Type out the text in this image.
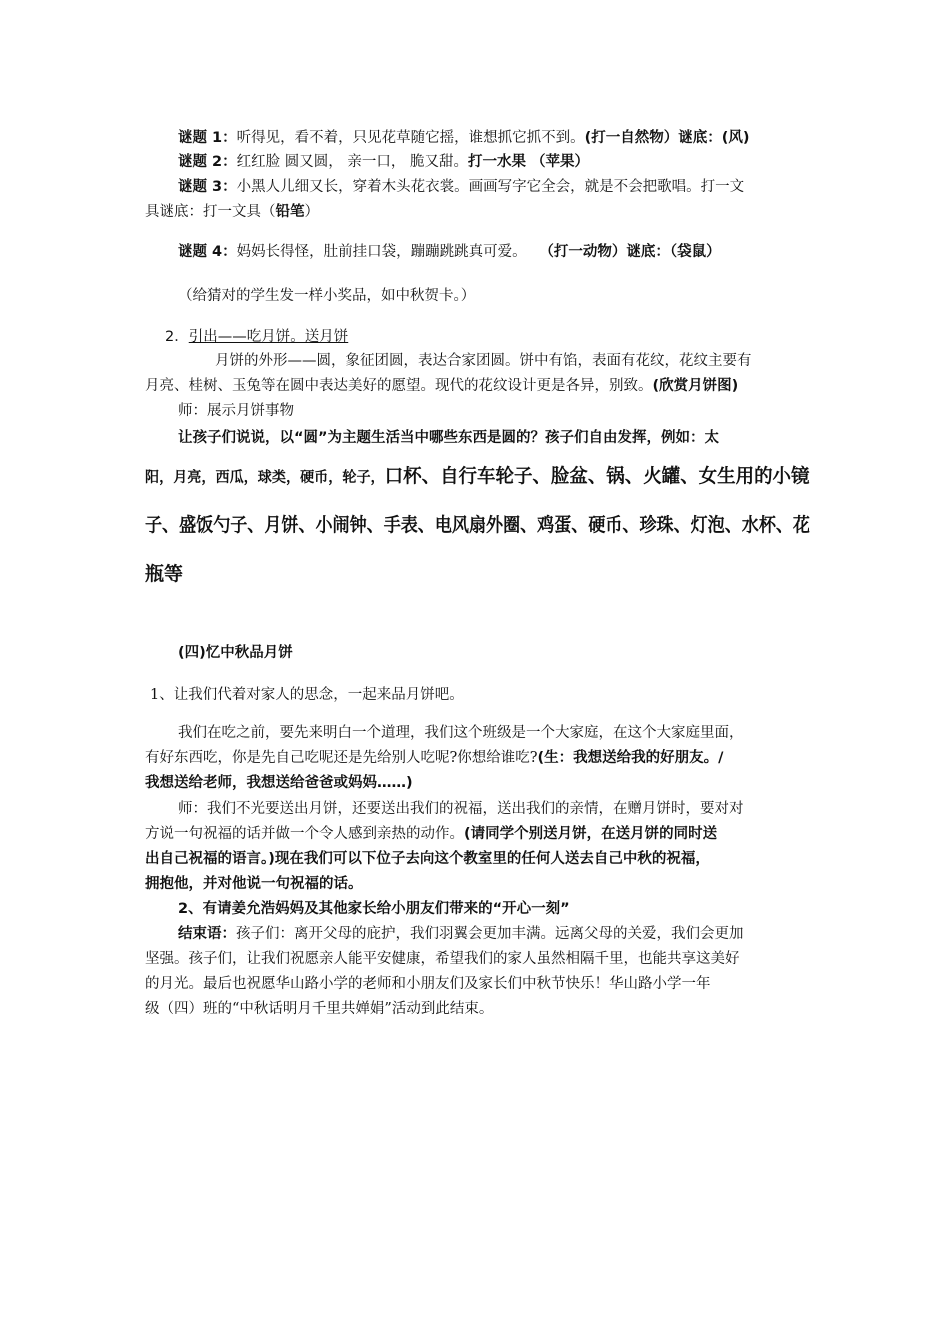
谜题 1：听得见，看不着，只见花草随它摇，谁想抓它抓不到。(打一自然物）谜底：(风)
谜题 2：红红脸 圆又圆， 亲一口， 脆又甜。打一水果 （苹果）
谜题 3：小黑人儿细又长，穿着木头花衣裳。画画写字它全会，就是不会把歌唱。打一文
具谜底：打一文具（铅笔）
谜题 4：妈妈长得怪，肚前挂口袋，蹦蹦跳跳真可爱。 （打一动物）谜底：（袋鼠）
（给猜对的学生发一样小奖品，如中秋贺卡。）
2．引出——吃月饼。送月饼
月饼的外形——圆，象征团圆，表达合家团圆。饼中有馅，表面有花纹，花纹主要有
月亮、桂树、玉兔等在圆中表达美好的愿望。现代的花纹设计更是各异，别致。(欣赏月饼图)
师：展示月饼事物
让孩子们说说，以“圆”为主题生活当中哪些东西是圆的？孩子们自由发挥，例如：太
阳，月亮，西瓜，球类，硬币，轮子，口杯、自行车轮子、脸盆、锅、火罐、女生用的小镜
子、盛饭勺子、月饼、小闹钟、手表、电风扇外圈、鸡蛋、硬币、珍珠、灯泡、水杯、花
瓶等
(四)忆中秋品月饼
1、让我们代着对家人的思念，一起来品月饼吧。
我们在吃之前，要先来明白一个道理，我们这个班级是一个大家庭，在这个大家庭里面，
有好东西吃，你是先自己吃呢还是先给别人吃呢?你想给谁吃?(生：我想送给我的好朋友。/
我想送给老师，我想送给爸爸或妈妈……)
师：我们不光要送出月饼，还要送出我们的祝福，送出我们的亲情，在赠月饼时，要对对
方说一句祝福的话并做一个令人感到亲热的动作。(请同学个别送月饼，在送月饼的同时送
出自己祝福的语言。)现在我们可以下位子去向这个教室里的任何人送去自己中秋的祝福，
拥抱他，并对他说一句祝福的话。
2、有请姜允浩妈妈及其他家长给小朋友们带来的“开心一刻”
结束语：孩子们：离开父母的庇护，我们羽翼会更加丰满。远离父母的关爱，我们会更加
坚强。孩子们，让我们祝愿亲人能平安健康，希望我们的家人虽然相隔千里，也能共享这美好
的月光。最后也祝愿华山路小学的老师和小朋友们及家长们中秋节快乐！华山路小学一年
级（四）班的“中秋话明月千里共婵娟”活动到此结束。
